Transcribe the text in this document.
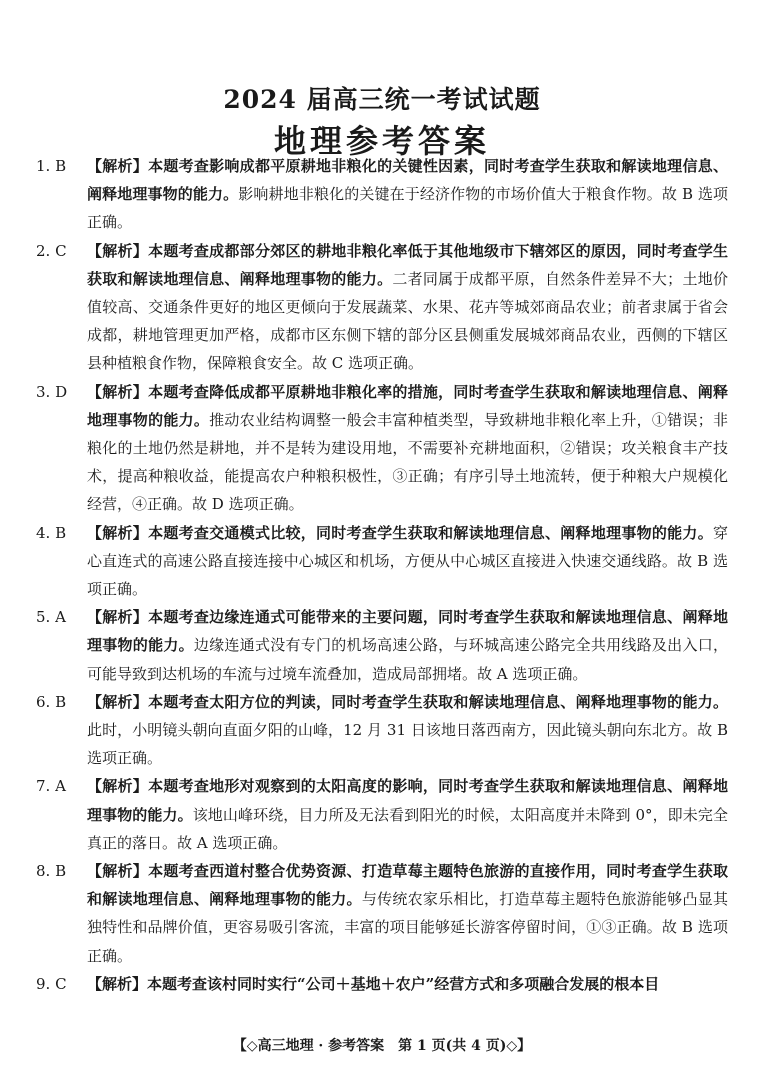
2024 届高三统一考试试题
地理参考答案
1. B	【解析】本题考查影响成都平原耕地非粮化的关键性因素，同时考查学生获取和解读地理信息、阐释地理事物的能力。影响耕地非粮化的关键在于经济作物的市场价值大于粮食作物。故 B 选项正确。
2. C	【解析】本题考查成都部分郊区的耕地非粮化率低于其他地级市下辖郊区的原因，同时考查学生获取和解读地理信息、阐释地理事物的能力。二者同属于成都平原，自然条件差异不大；土地价值较高、交通条件更好的地区更倾向于发展蔬菜、水果、花卉等城郊商品农业；前者隶属于省会成都，耕地管理更加严格，成都市区东侧下辖的部分区县侧重发展城郊商品农业，西侧的下辖区县种植粮食作物，保障粮食安全。故 C 选项正确。
3. D	【解析】本题考查降低成都平原耕地非粮化率的措施，同时考查学生获取和解读地理信息、阐释地理事物的能力。推动农业结构调整一般会丰富种植类型，导致耕地非粮化率上升，①错误；非粮化的土地仍然是耕地，并不是转为建设用地，不需要补充耕地面积，②错误；攻关粮食丰产技术，提高种粮收益，能提高农户种粮积极性，③正确；有序引导土地流转，便于种粮大户规模化经营，④正确。故 D 选项正确。
4. B	【解析】本题考查交通模式比较，同时考查学生获取和解读地理信息、阐释地理事物的能力。穿心直连式的高速公路直接连接中心城区和机场，方便从中心城区直接进入快速交通线路。故 B 选项正确。
5. A	【解析】本题考查边缘连通式可能带来的主要问题，同时考查学生获取和解读地理信息、阐释地理事物的能力。边缘连通式没有专门的机场高速公路，与环城高速公路完全共用线路及出入口，可能导致到达机场的车流与过境车流叠加，造成局部拥堵。故 A 选项正确。
6. B	【解析】本题考查太阳方位的判读，同时考查学生获取和解读地理信息、阐释地理事物的能力。此时，小明镜头朝向直面夕阳的山峰，12 月 31 日该地日落西南方，因此镜头朝向东北方。故 B 选项正确。
7. A	【解析】本题考查地形对观察到的太阳高度的影响，同时考查学生获取和解读地理信息、阐释地理事物的能力。该地山峰环绕，目力所及无法看到阳光的时候，太阳高度并未降到 0°，即未完全真正的落日。故 A 选项正确。
8. B	【解析】本题考查西道村整合优势资源、打造草莓主题特色旅游的直接作用，同时考查学生获取和解读地理信息、阐释地理事物的能力。与传统农家乐相比，打造草莓主题特色旅游能够凸显其独特性和品牌价值，更容易吸引客流，丰富的项目能够延长游客停留时间，①③正确。故 B 选项正确。
9. C	【解析】本题考查该村同时实行“公司＋基地＋农户”经营方式和多项融合发展的根本目
【◇高三地理 · 参考答案　第 1 页(共 4 页)◇】
